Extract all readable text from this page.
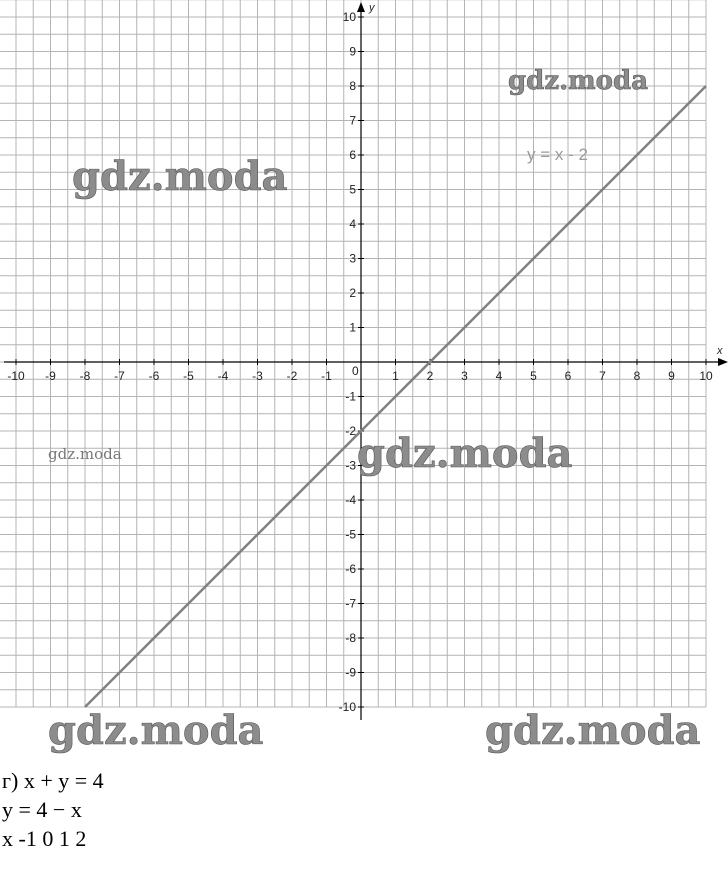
-10 -9 -8 -7 -6 -5 -4 -3 -2 -1	1 2 3 4 5 6 7 8 9 10
-10
-9
-8
-7
-6
-5
-4
-3
-2
-1
1
2
3
4
5
6
7
8
9
10
x
y
0
y = x - 2
gdz.moda
gdz.moda
gdz.moda	gdz.moda
gdz.moda	gdz.moda
г) x + y = 4
y = 4 − x
x -1 0 1 2
